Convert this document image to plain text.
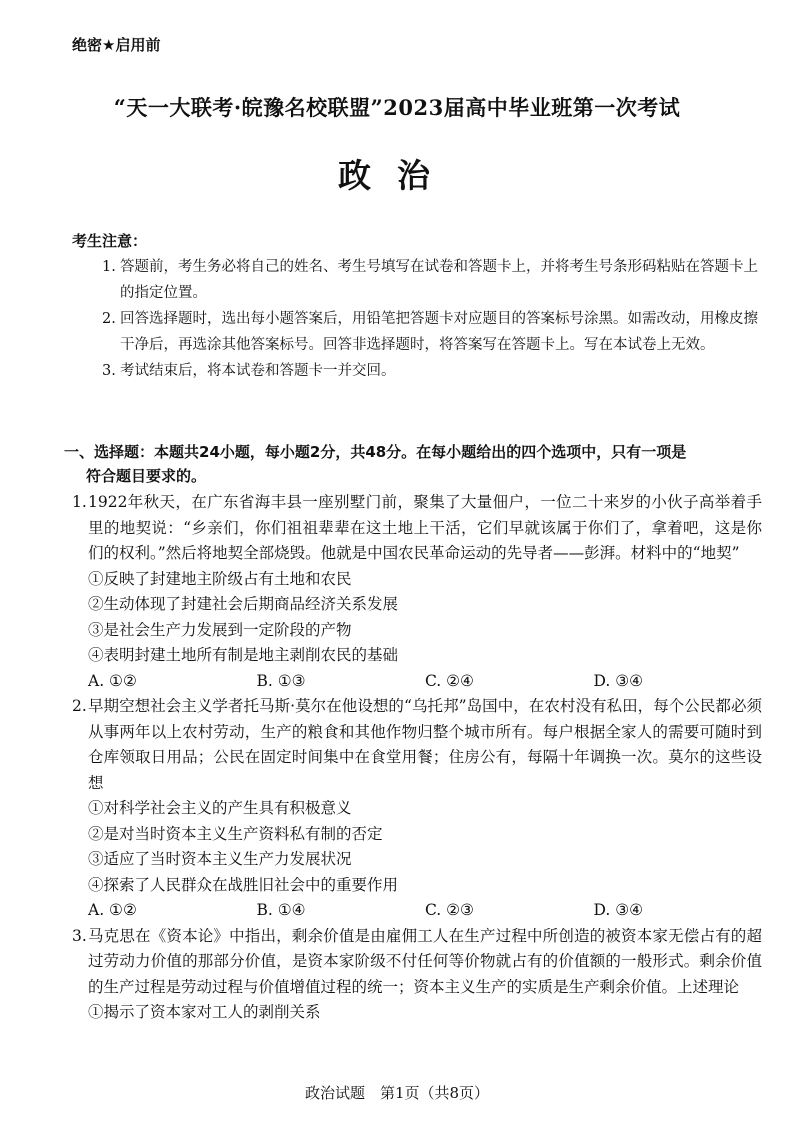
绝密★启用前
“天一大联考·皖豫名校联盟”2023届高中毕业班第一次考试
政治
考生注意：
1. 答题前，考生务必将自己的姓名、考生号填写在试卷和答题卡上，并将考生号条形码粘贴在答题卡上的指定位置。
2. 回答选择题时，选出每小题答案后，用铅笔把答题卡对应题目的答案标号涂黑。如需改动，用橡皮擦干净后，再选涂其他答案标号。回答非选择题时，将答案写在答题卡上。写在本试卷上无效。
3. 考试结束后，将本试卷和答题卡一并交回。
一、选择题：本题共24小题，每小题2分，共48分。在每小题给出的四个选项中，只有一项是
符合题目要求的。
1. 1922年秋天，在广东省海丰县一座别墅门前，聚集了大量佃户，一位二十来岁的小伙子高举着手里的地契说：“乡亲们，你们祖祖辈辈在这土地上干活，它们早就该属于你们了，拿着吧，这是你们的权利。”然后将地契全部烧毁。他就是中国农民革命运动的先导者——彭湃。材料中的“地契”
①反映了封建地主阶级占有土地和农民
②生动体现了封建社会后期商品经济关系发展
③是社会生产力发展到一定阶段的产物
④表明封建土地所有制是地主剥削农民的基础
A. ①②	B. ①③	C. ②④	D. ③④
2. 早期空想社会主义学者托马斯·莫尔在他设想的“乌托邦”岛国中，在农村没有私田，每个公民都必须从事两年以上农村劳动，生产的粮食和其他作物归整个城市所有。每户根据全家人的需要可随时到仓库领取日用品；公民在固定时间集中在食堂用餐；住房公有，每隔十年调换一次。莫尔的这些设想
①对科学社会主义的产生具有积极意义
②是对当时资本主义生产资料私有制的否定
③适应了当时资本主义生产力发展状况
④探索了人民群众在战胜旧社会中的重要作用
A. ①②	B. ①④	C. ②③	D. ③④
3. 马克思在《资本论》中指出，剩余价值是由雇佣工人在生产过程中所创造的被资本家无偿占有的超过劳动力价值的那部分价值，是资本家阶级不付任何等价物就占有的价值额的一般形式。剩余价值的生产过程是劳动过程与价值增值过程的统一；资本主义生产的实质是生产剩余价值。上述理论
①揭示了资本家对工人的剥削关系
政治试题　第1页（共8页）
